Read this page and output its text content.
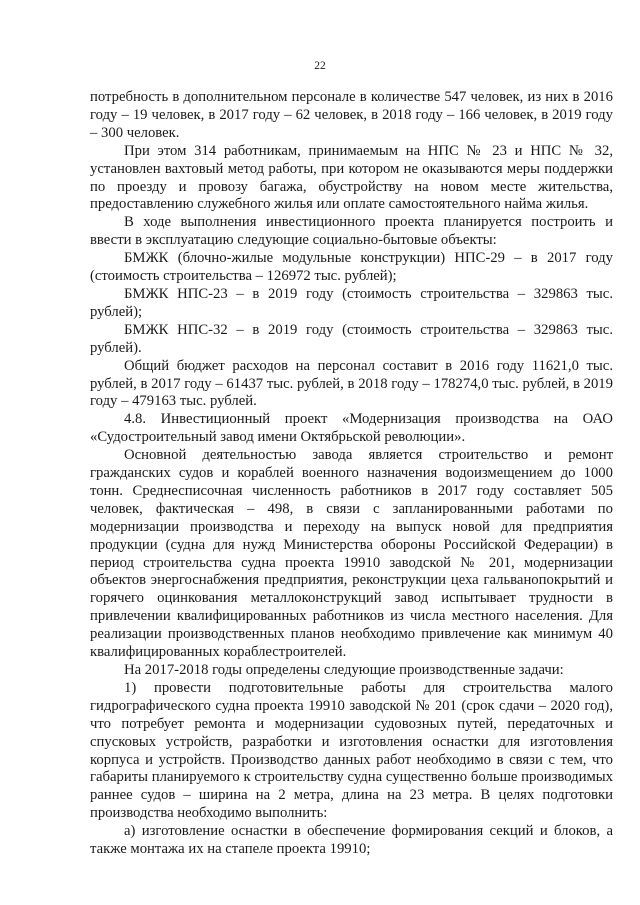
22

потребность в дополнительном персонале в количестве 547 человек, из них в 2016 году – 19 человек, в 2017 году – 62 человек, в 2018 году – 166 человек, в 2019 году – 300 человек.

При этом 314 работникам, принимаемым на НПС № 23 и НПС № 32, установлен вахтовый метод работы, при котором не оказываются меры поддержки по проезду и провозу багажа, обустройству на новом месте жительства, предоставлению служебного жилья или оплате самостоятельного найма жилья.

В ходе выполнения инвестиционного проекта планируется построить и ввести в эксплуатацию следующие социально-бытовые объекты:

БМЖК (блочно-жилые модульные конструкции) НПС-29 – в 2017 году (стоимость строительства – 126972 тыс. рублей);

БМЖК НПС-23 – в 2019 году (стоимость строительства – 329863 тыс. рублей);

БМЖК НПС-32 – в 2019 году (стоимость строительства – 329863 тыс. рублей).

Общий бюджет расходов на персонал составит в 2016 году 11621,0 тыс. рублей, в 2017 году – 61437 тыс. рублей, в 2018 году – 178274,0 тыс. рублей, в 2019 году – 479163 тыс. рублей.

4.8. Инвестиционный проект «Модернизация производства на ОАО «Судостроительный завод имени Октябрьской революции».

Основной деятельностью завода является строительство и ремонт гражданских судов и кораблей военного назначения водоизмещением до 1000 тонн. Среднесписочная численность работников в 2017 году составляет 505 человек, фактическая – 498, в связи с запланированными работами по модернизации производства и переходу на выпуск новой для предприятия продукции (судна для нужд Министерства обороны Российской Федерации) в период строительства судна проекта 19910 заводской № 201, модернизации объектов энергоснабжения предприятия, реконструкции цеха гальванопокрытий и горячего оцинкования металлоконструкций завод испытывает трудности в привлечении квалифицированных работников из числа местного населения. Для реализации производственных планов необходимо привлечение как минимум 40 квалифицированных кораблестроителей.

На 2017-2018 годы определены следующие производственные задачи:

1) провести подготовительные работы для строительства малого гидрографического судна проекта 19910 заводской № 201 (срок сдачи – 2020 год), что потребует ремонта и модернизации судовозных путей, передаточных и спусковых устройств, разработки и изготовления оснастки для изготовления корпуса и устройств. Производство данных работ необходимо в связи с тем, что габариты планируемого к строительству судна существенно больше производимых раннее судов – ширина на 2 метра, длина на 23 метра. В целях подготовки производства необходимо выполнить:

а) изготовление оснастки в обеспечение формирования секций и блоков, а также монтажа их на стапеле проекта 19910;
